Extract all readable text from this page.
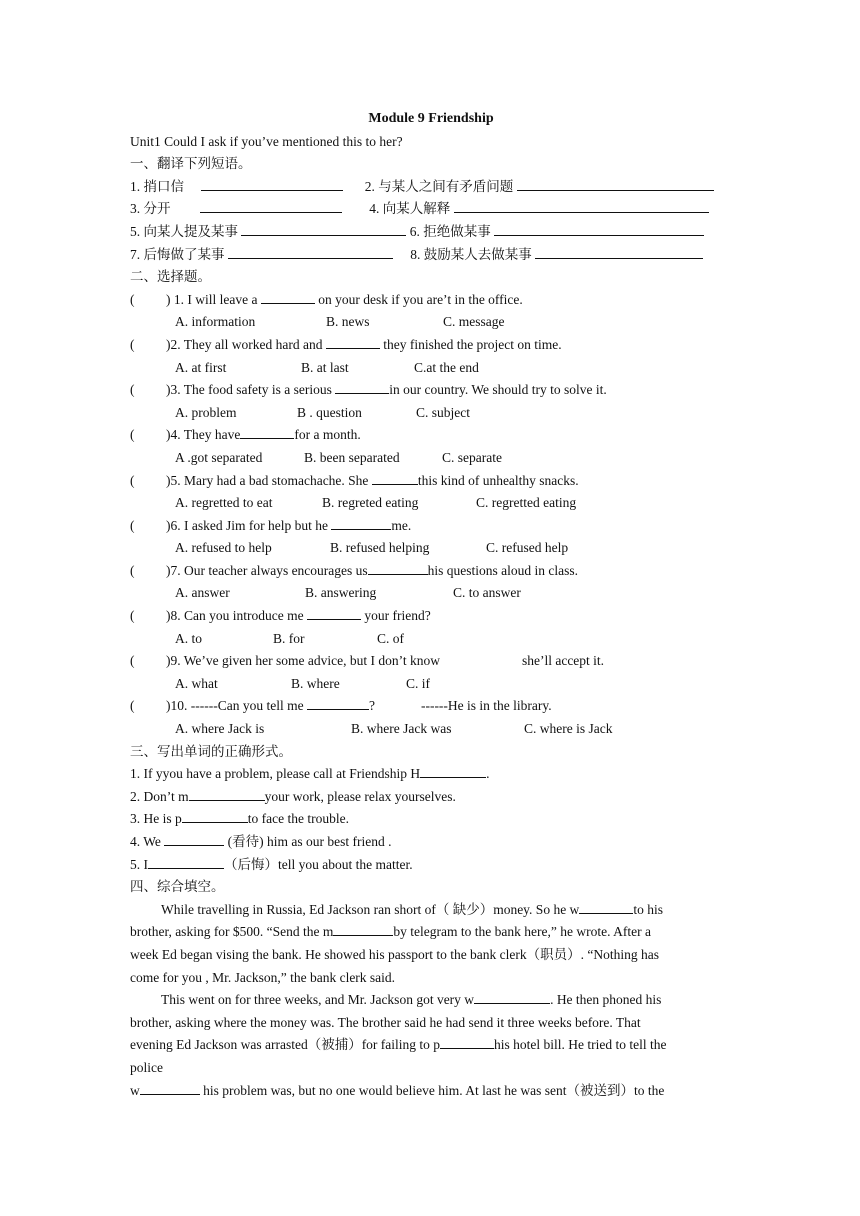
Module 9 Friendship
Unit1 Could I ask if you’ve mentioned this to her?
一、翻译下列短语。
1. 捎口信	2. 与某人之间有矛盾问题
3. 分开	4. 向某人解释
5. 向某人提及某事	6. 拒绝做某事
7. 后悔做了某事	8. 鼓励某人去做某事
二、选择题。
( ) 1. I will leave a	on your desk if you are’t in the office.
A. information	B. news	C. message
( )2. They all worked hard and	they finished the project on time.
A. at first	B. at last	C.at the end
( )3. The food safety is a serious	in our country. We should try to solve it.
A. problem	B . question	C. subject
( )4. They have	for a month.
A .got separated	B. been separated	C. separate
( )5. Mary had a bad stomachache. She	this kind of unhealthy snacks.
A. regretted to eat	B. regreted eating	C. regretted eating
( )6. I asked Jim for help but he	me.
A. refused to help	B. refused helping	C. refused help
( )7. Our teacher always encourages us	his questions aloud in class.
A. answer	B. answering	C. to answer
( )8. Can you introduce me	your friend?
A. to	B. for	C. of
( )9. We’ve given her some advice, but I don’t know	she’ll accept it.
A. what	B. where	C. if
( )10. ------Can you tell me	?	------He is in the library.
A. where Jack is	B. where Jack was	C. where is Jack
三、写出单词的正确形式。
1. If yyou have a problem, please call at Friendship H	.
2. Don’t m	your work, please relax yourselves.
3. He is p	to face the trouble.
4. We	(看待) him as our best friend .
5. I	（后悔）tell you about the matter.
四、综合填空。
While travelling in Russia, Ed Jackson ran short of（ 缺少）money. So he w	to his
brother, asking for $500. “Send the m	by telegram to the bank here,” he wrote. After a
week Ed began vising the bank. He showed his passport to the bank clerk（职员）. “Nothing has
come for you , Mr. Jackson,” the bank clerk said.
This went on for three weeks, and Mr. Jackson got very w	. He then phoned his
brother, asking where the money was. The brother said he had send it three weeks before. That
evening Ed Jackson was arrasted（被捕）for failing to p	his hotel bill. He tried to tell the
police
w	his problem was, but no one would believe him. At last he was sent（被送到）to the
